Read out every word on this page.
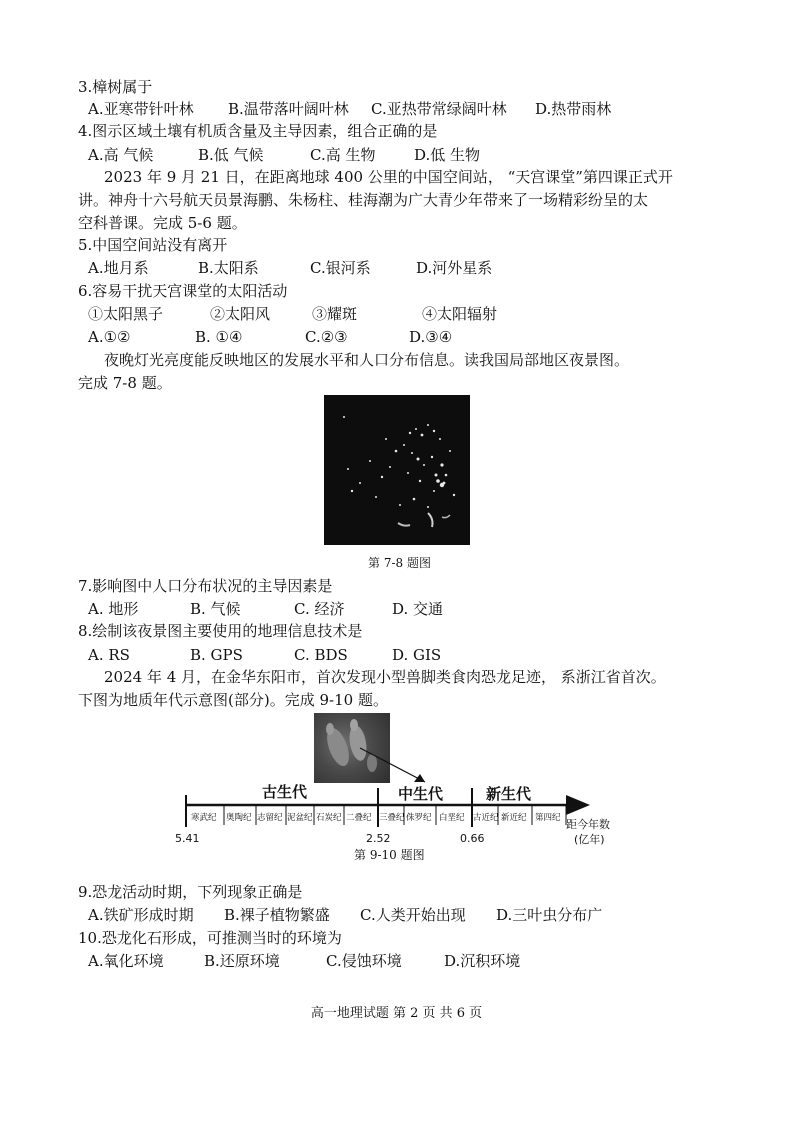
3.樟树属于
A.亚寒带针叶林 B.温带落叶阔叶林 C.亚热带常绿阔叶林 D.热带雨林
4.图示区域土壤有机质含量及主导因素，组合正确的是
A.高 气候	B.低 气候	C.高 生物	D.低 生物
2023 年 9 月 21 日，在距离地球 400 公里的中国空间站， “天宫课堂”第四课正式开
讲。神舟十六号航天员景海鹏、朱杨柱、桂海潮为广大青少年带来了一场精彩纷呈的太
空科普课。完成 5-6 题。
5.中国空间站没有离开
A.地月系	B.太阳系	C.银河系	D.河外星系
6.容易干扰天宫课堂的太阳活动
①太阳黑子	②太阳风	③耀斑	④太阳辐射
A.①②	B. ①④	C.②③	D.③④
夜晚灯光亮度能反映地区的发展水平和人口分布信息。读我国局部地区夜景图。
完成 7-8 题。
第 7-8 题图
7.影响图中人口分布状况的主导因素是
A. 地形	B. 气候	C. 经济	D. 交通
8.绘制该夜景图主要使用的地理信息技术是
A. RS	B. GPS	C. BDS	D. GIS
2024 年 4 月，在金华东阳市，首次发现小型兽脚类食肉恐龙足迹， 系浙江省首次。
下图为地质年代示意图(部分)。完成 9-10 题。
古生代	中生代	新生代
寒武纪 奥陶纪 志留纪 泥盆纪 石炭纪 二叠纪 三叠纪 侏罗纪 白垩纪 古近纪 新近纪 第四纪
5.41	2.52	0.66
距今年数
(亿年)
第 9-10 题图
9.恐龙活动时期，下列现象正确是
A.铁矿形成时期 B.裸子植物繁盛 C.人类开始出现 D.三叶虫分布广
10.恐龙化石形成，可推测当时的环境为
A.氧化环境	B.还原环境	C.侵蚀环境	D.沉积环境
高一地理试题 第 2 页 共 6 页
